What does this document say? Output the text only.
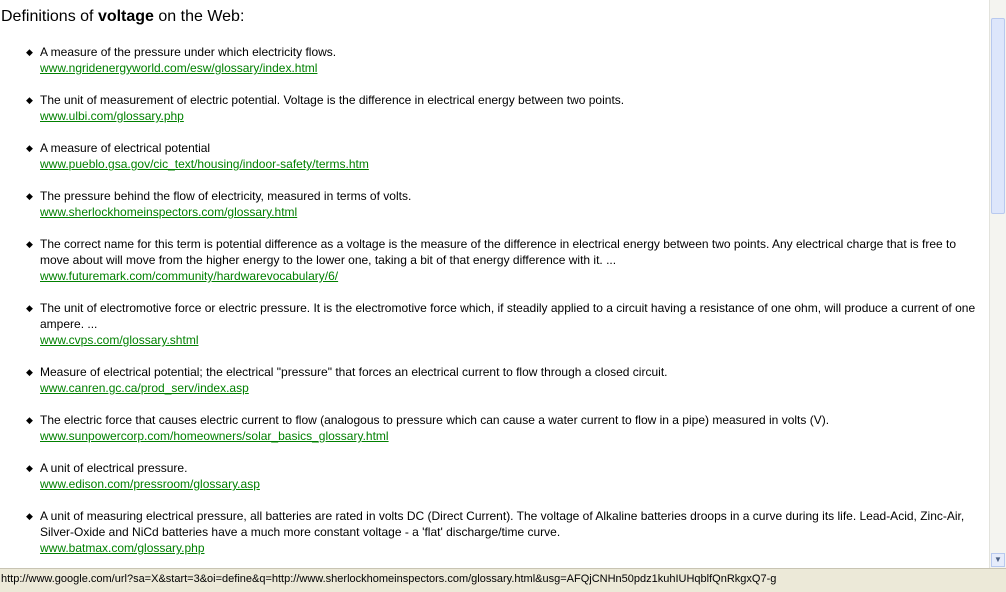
Definitions of voltage on the Web:
◆ A measure of the pressure under which electricity flows.
www.ngridenergyworld.com/esw/glossary/index.html
◆ The unit of measurement of electric potential. Voltage is the difference in electrical energy between two points.
www.ulbi.com/glossary.php
◆ A measure of electrical potential
www.pueblo.gsa.gov/cic_text/housing/indoor-safety/terms.htm
◆ The pressure behind the flow of electricity, measured in terms of volts.
www.sherlockhomeinspectors.com/glossary.html
◆ The correct name for this term is potential difference as a voltage is the measure of the difference in electrical energy between two points. Any electrical charge that is free to move about will move from the higher energy to the lower one, taking a bit of that energy difference with it. ...
www.futuremark.com/community/hardwarevocabulary/6/
◆ The unit of electromotive force or electric pressure. It is the electromotive force which, if steadily applied to a circuit having a resistance of one ohm, will produce a current of one ampere. ...
www.cvps.com/glossary.shtml
◆ Measure of electrical potential; the electrical "pressure" that forces an electrical current to flow through a closed circuit.
www.canren.gc.ca/prod_serv/index.asp
◆ The electric force that causes electric current to flow (analogous to pressure which can cause a water current to flow in a pipe) measured in volts (V).
www.sunpowercorp.com/homeowners/solar_basics_glossary.html
◆ A unit of electrical pressure.
www.edison.com/pressroom/glossary.asp
◆ A unit of measuring electrical pressure, all batteries are rated in volts DC (Direct Current). The voltage of Alkaline batteries droops in a curve during its life. Lead-Acid, Zinc-Air, Silver-Oxide and NiCd batteries have a much more constant voltage - a 'flat' discharge/time curve.
www.batmax.com/glossary.php
▼
http://www.google.com/url?sa=X&start=3&oi=define&q=http://www.sherlockhomeinspectors.com/glossary.html&usg=AFQjCNHn50pdz1kuhIUHqblfQnRkgxQ7-g
